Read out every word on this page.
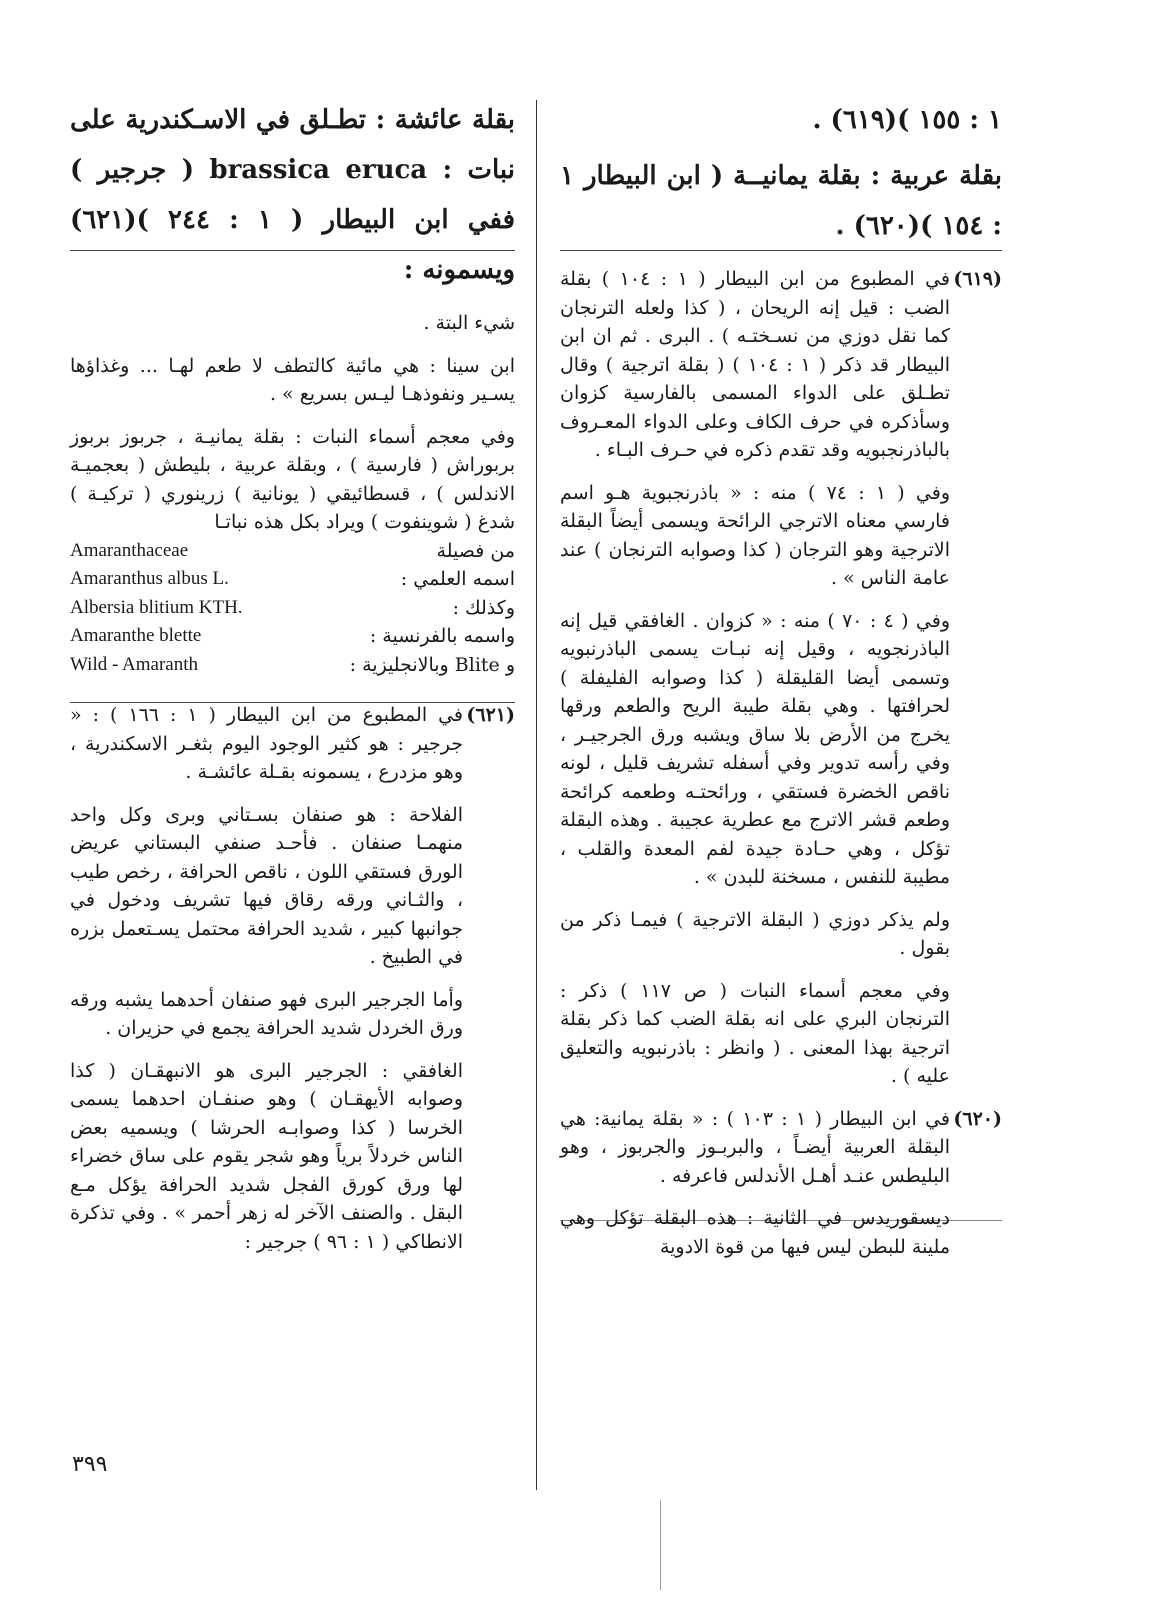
١ : ١٥٥ )(٦١٩) .

بقلة عربية : بقلة يمانيــة ( ابن البيطار ١ : ١٥٤ )(٦٢٠) .

(٦١٩)

في المطبوع من ابن البيطار ( ١ : ١٠٤ ) بقلة الضب : قيل إنه الريحان ، ( كذا ولعله الترنجان كما نقل دوزي من نسـختـه ) . البرى . ثم ان ابن البيطار قد ذكر ( ١ : ١٠٤ ) ( بقلة اترجية ) وقال تطـلق على الدواء المسمى بالفارسية كزوان وسأذكره في حرف الكاف وعلى الدواء المعـروف بالباذرنجبويه وقد تقدم ذكره في حـرف البـاء .

وفي ( ١ : ٧٤ ) منه : « باذرنجبوية هـو اسم فارسي معناه الاترجي الرائحة ويسمى أيضاً البقلة الاترجية وهو الترجان ( كذا وصوابه الترنجان ) عند عامة الناس » .

وفي ( ٤ : ٧٠ ) منه : « كزوان . الغافقي قيل إنه الباذرنجويه ، وقيل إنه نبـات يسمى الباذرنبويه وتسمى أيضا القليقلة ( كذا وصوابه الفليفلة ) لحرافتها . وهي بقلة طيبة الريح والطعم ورقها يخرج من الأرض بلا ساق ويشبه ورق الجرجيـر ، وفي رأسه تدوير وفي أسفله تشريف قليل ، لونه ناقص الخضرة فستقي ، ورائحتـه وطعمه كرائحة وطعم قشر الاترج مع عطرية عجيبة . وهذه البقلة تؤكل ، وهي حـادة جيدة لفم المعدة والقلب ، مطيبة للنفس ، مسخنة للبدن » .

ولم يذكر دوزي ( البقلة الاترجية ) فيمـا ذكر من بقول .

وفي معجم أسماء النبات ( ص ١١٧ ) ذكر : الترنجان البري على انه بقلة الضب كما ذكر بقلة اترجية بهذا المعنى . ( وانظر : باذرنبويه والتعليق عليه ) .

(٦٢٠)

في ابن البيطار ( ١ : ١٠٣ ) : « بقلة يمانية: هي البقلة العربية أيضـاً ، والبربـوز والجربوز ، وهو البليطس عنـد أهـل الأندلس فاعرفه .

ديسقوريدس في الثانية : هذه البقلة تؤكل وهي ملينة للبطن ليس فيها من قوة الادوية

بقلة عائشة : تطـلق في الاسـكندرية على نبات : brassica eruca ( جرجير ) ففي ابن البيطار ( ١ : ٢٤٤ )(٦٢١) ويسمونه :

شيء البتة .

ابن سينا : هي مائية كالتطف لا طعم لهـا ... وغذاؤها يسـير ونفوذهـا ليـس بسريع » .

وفي معجم أسماء النبات : بقلة يمانيـة ، جربوز بربوز بربوراش ( فارسية ) ، وبقلة عربية ، بليطش ( بعجميـة الاندلس ) ، قسطائيقي ( يونانية ) زرينوري ( تركيـة ) شدغ ( شوينفوت ) ويراد بكل هذه نباتـا

من فصيلة
Amaranthaceae
اسمه العلمي :
Amaranthus albus L.
وكذلك :
Albersia blitium KTH.
واسمه بالفرنسية :
Amaranthe blette
و Blite وبالانجليزية :
Wild - Amaranth
(٦٢١)

في المطبوع من ابن البيطار ( ١ : ١٦٦ ) : « جرجير : هو كثير الوجود اليوم بثغـر الاسكندرية ، وهو مزدرع ، يسمونه بقـلة عائشـة .

الفلاحة : هو صنفان بسـتاني وبرى وكل واحد منهمـا صنفان . فأحـد صنفي البستاني عريض الورق فستقي اللون ، ناقص الحرافة ، رخص طيب ، والثـاني ورقه رقاق فيها تشريف ودخول في جوانبها كبير ، شديد الحرافة محتمل يسـتعمل بزره في الطبيخ .

وأما الجرجير البرى فهو صنفان أحدهما يشبه ورقه ورق الخردل شديد الحرافة يجمع في حزيران .

الغافقي : الجرجير البرى هو الانبهقـان ( كذا وصوابه الأيهقـان ) وهو صنفـان احدهما يسمى الخرسا ( كذا وصوابـه الحرشا ) ويسميه بعض الناس خردلاً برياً وهو شجر يقوم على ساق خضراء لها ورق كورق الفجل شديد الحرافة يؤكل مـع البقل . والصنف الآخر له زهر أحمر » . وفي تذكرة الانطاكي ( ١ : ٩٦ ) جرجير :

٣٩٩
